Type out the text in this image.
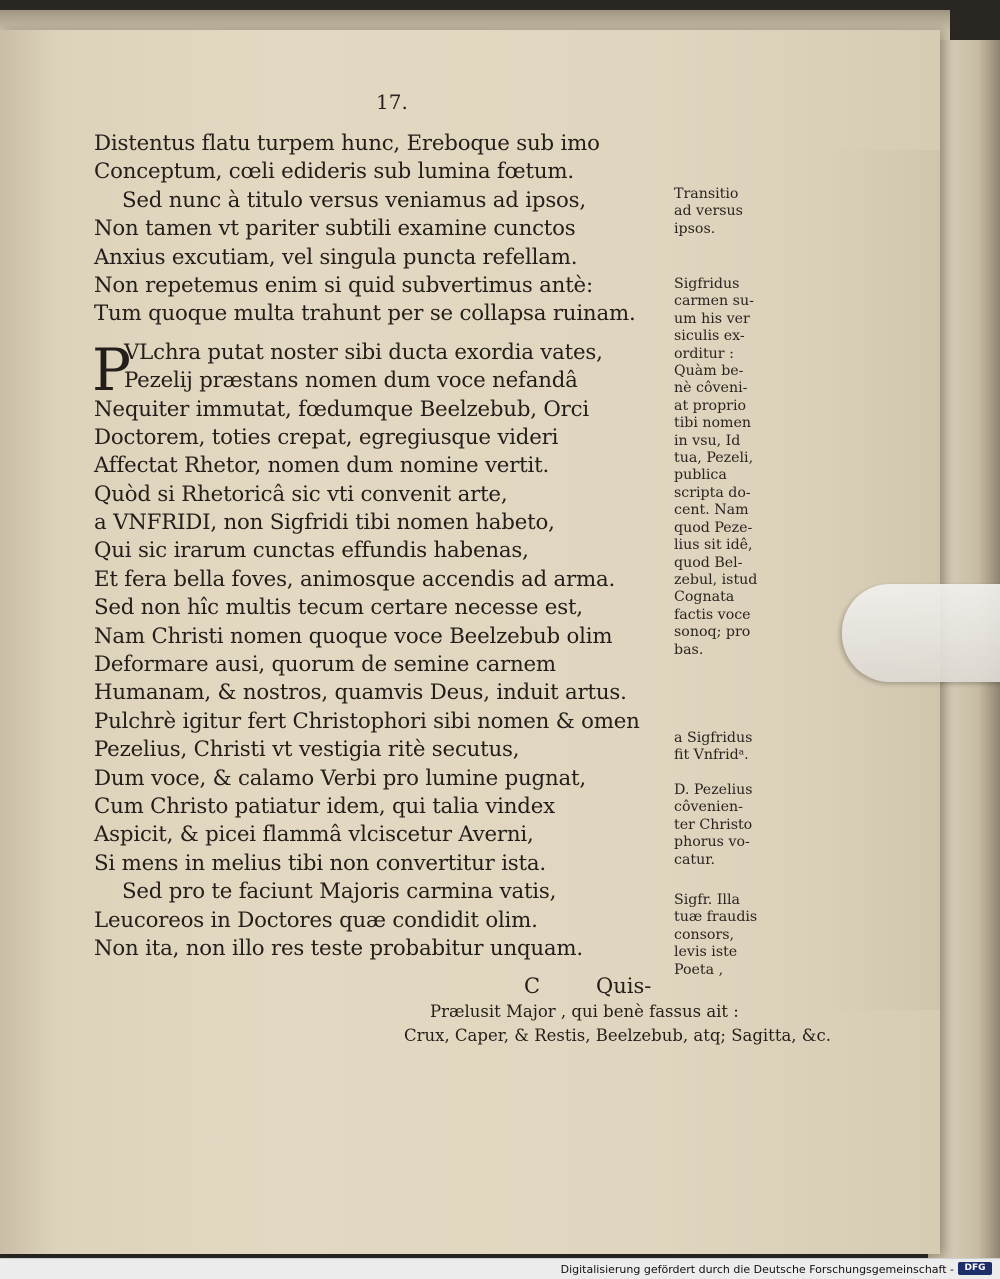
17.
Distentus flatu turpem hunc, Ereboque sub imo
Conceptum, cœli edideris sub lumina fœtum.
Sed nunc à titulo versus veniamus ad ipsos,
Non tamen vt pariter subtili examine cunctos
Anxius excutiam, vel singula puncta refellam.
Non repetemus enim si quid subvertimus antè:
Tum quoque multa trahunt per se collapsa ruinam.
P
VLchra putat noster sibi ducta exordia vates,
Pezelij præstans nomen dum voce nefandâ
Nequiter immutat, fœdumque Beelzebub, Orci
Doctorem, toties crepat, egregiusque videri
Affectat Rhetor, nomen dum nomine vertit.
Quòd si Rhetoricâ sic vti convenit arte,
a VNFRIDI, non Sigfridi tibi nomen habeto,
Qui sic irarum cunctas effundis habenas,
Et fera bella foves, animosque accendis ad arma.
Sed non hîc multis tecum certare necesse est,
Nam Christi nomen quoque voce Beelzebub olim
Deformare ausi, quorum de semine carnem
Humanam, & nostros, quamvis Deus, induit artus.
Pulchrè igitur fert Christophori sibi nomen & omen
Pezelius, Christi vt vestigia ritè secutus,
Dum voce, & calamo Verbi pro lumine pugnat,
Cum Christo patiatur idem, qui talia vindex
Aspicit, & picei flammâ vlciscetur Averni,
Si mens in melius tibi non convertitur ista.
Sed pro te faciunt Majoris carmina vatis,
Leucoreos in Doctores quæ condidit olim.
Non ita, non illo res teste probabitur unquam.
C	Quis-
Prælusit Major , qui benè fassus ait :
Crux, Caper, & Restis, Beelzebub, atq; Sagitta, &c.
Transitio
ad versus
ipsos.
Sigfridus
carmen su-
um his ver
siculis ex-
orditur :
Quàm be-
nè côveni-
at proprio
tibi nomen
in vsu, Id
tua, Pezeli,
publica
scripta do-
cent. Nam
quod Peze-
lius sit idê,
quod Bel-
zebul, istud
Cognata
factis voce
sonoq; pro
bas.
a Sigfridus
fit Vnfridᵃ.
D. Pezelius
côvenien-
ter Christo
phorus vo-
catur.
Sigfr. Illa
tuæ fraudis
consors,
levis iste
Poeta ,
Digitalisierung gefördert durch die Deutsche Forschungsgemeinschaft -	DFG
